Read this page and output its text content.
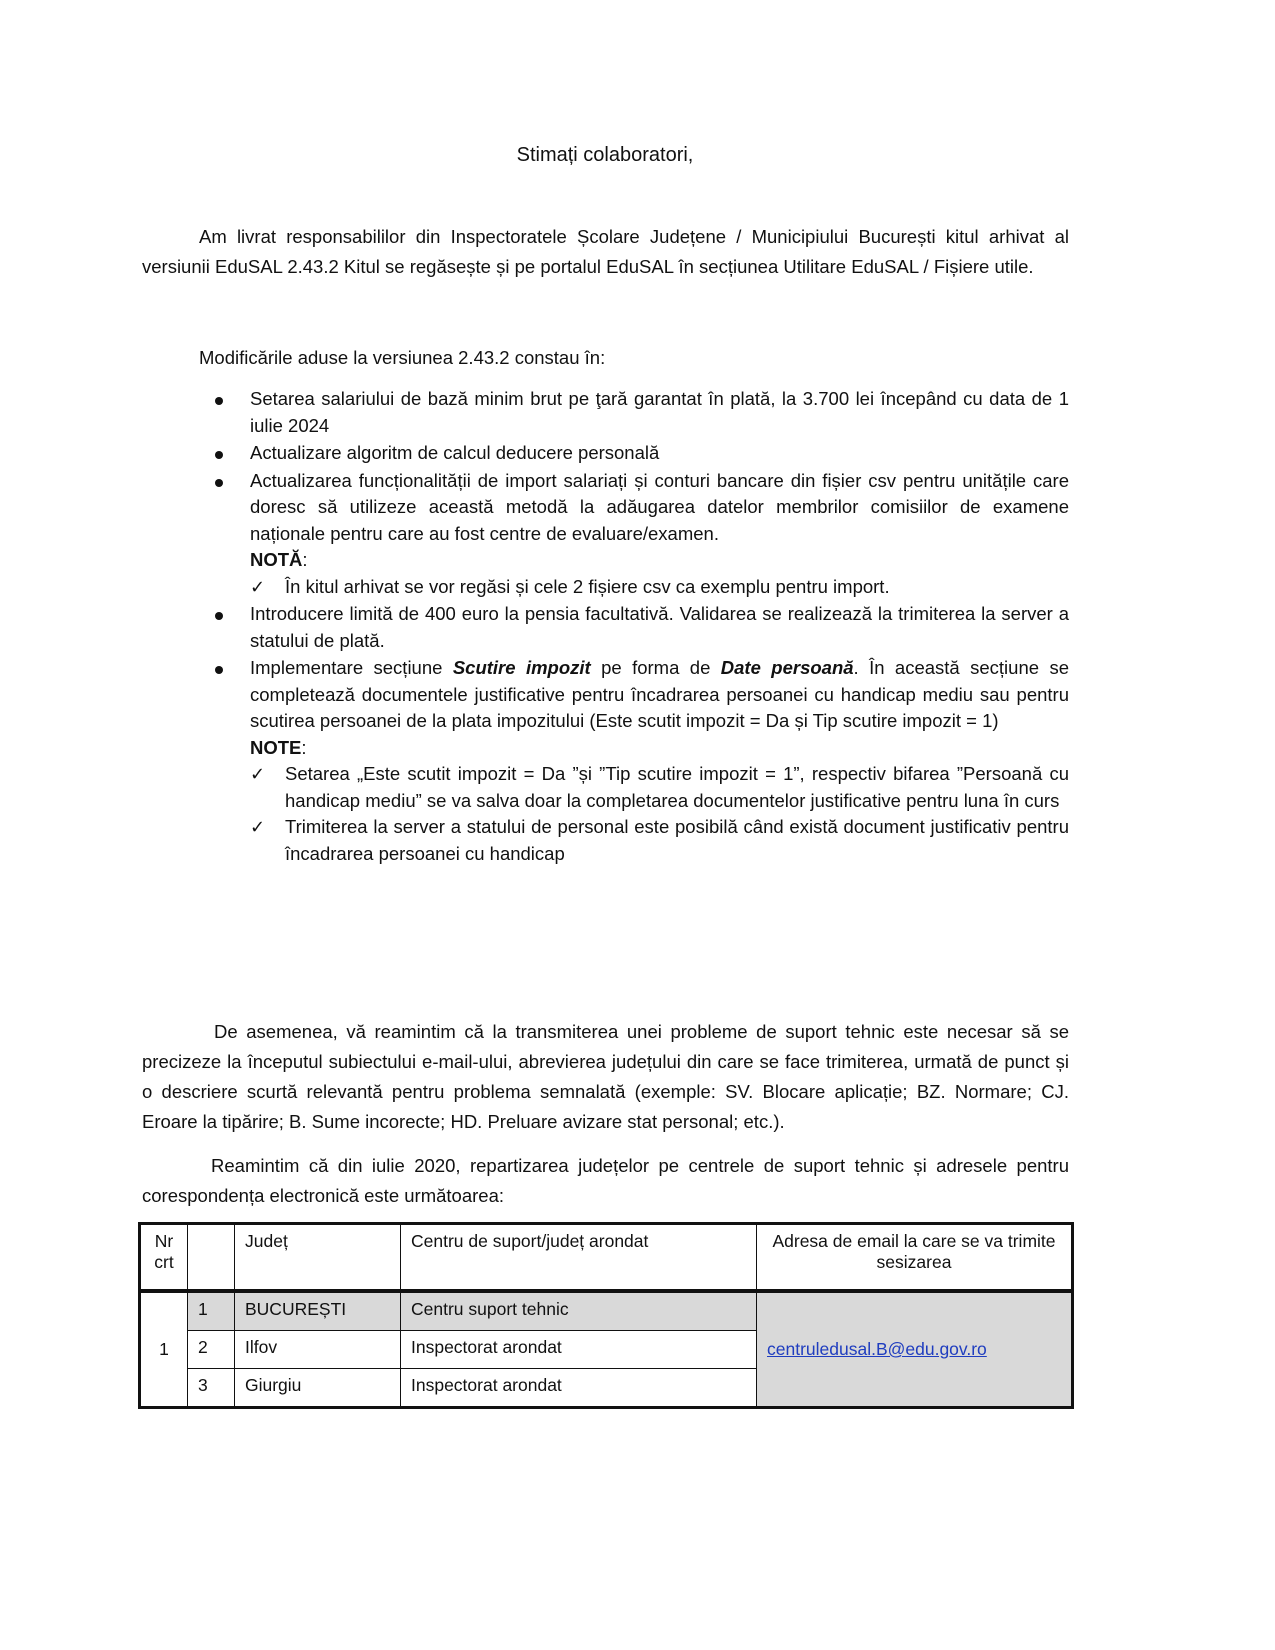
Stimați colaboratori,

Am livrat responsabililor din Inspectoratele Școlare Județene / Municipiului București kitul arhivat al versiunii EduSAL 2.43.2 Kitul se regăsește și pe portalul EduSAL în secțiunea Utilitare EduSAL / Fișiere utile.

Modificările aduse la versiunea 2.43.2 constau în:

Setarea salariului de bază minim brut pe ţară garantat în plată, la 3.700 lei începând cu data de 1 iulie 2024
Actualizare algoritm de calcul deducere personală
Actualizarea funcționalității de import salariați și conturi bancare din fișier csv pentru unitățile care doresc să utilizeze această metodă la adăugarea datelor membrilor comisiilor de examene naționale pentru care au fost centre de evaluare/examen.
NOTĂ:
✓ În kitul arhivat se vor regăsi și cele 2 fișiere csv ca exemplu pentru import.
Introducere limită de 400 euro la pensia facultativă. Validarea se realizează la trimiterea la server a statului de plată.
Implementare secțiune Scutire impozit pe forma de Date persoană. În această secțiune se completează documentele justificative pentru încadrarea persoanei cu handicap mediu sau pentru scutirea persoanei de la plata impozitului (Este scutit impozit = Da și Tip scutire impozit = 1)
NOTE:
✓ Setarea „Este scutit impozit = Da ”și ”Tip scutire impozit = 1”, respectiv bifarea ”Persoană cu handicap mediu” se va salva doar la completarea documentelor justificative pentru luna în curs
✓ Trimiterea la server a statului de personal este posibilă când există document justificativ pentru încadrarea persoanei cu handicap

De asemenea, vă reamintim că la transmiterea unei probleme de suport tehnic este necesar să se precizeze la începutul subiectului e-mail-ului, abrevierea județului din care se face trimiterea, urmată de punct și o descriere scurtă relevantă pentru problema semnalată (exemple: SV. Blocare aplicație; BZ. Normare; CJ. Eroare la tipărire; B. Sume incorecte; HD. Preluare avizare stat personal; etc.).

Reamintim că din iulie 2020, repartizarea județelor pe centrele de suport tehnic și adresele pentru corespondența electronică este următoarea:

Nr crt		Județ	Centru de suport/județ arondat	Adresa de email la care se va trimite sesizarea
1	1	BUCUREȘTI	Centru suport tehnic	centruledusal.B@edu.gov.ro
	2	Ilfov	Inspectorat arondat	
	3	Giurgiu	Inspectorat arondat	
